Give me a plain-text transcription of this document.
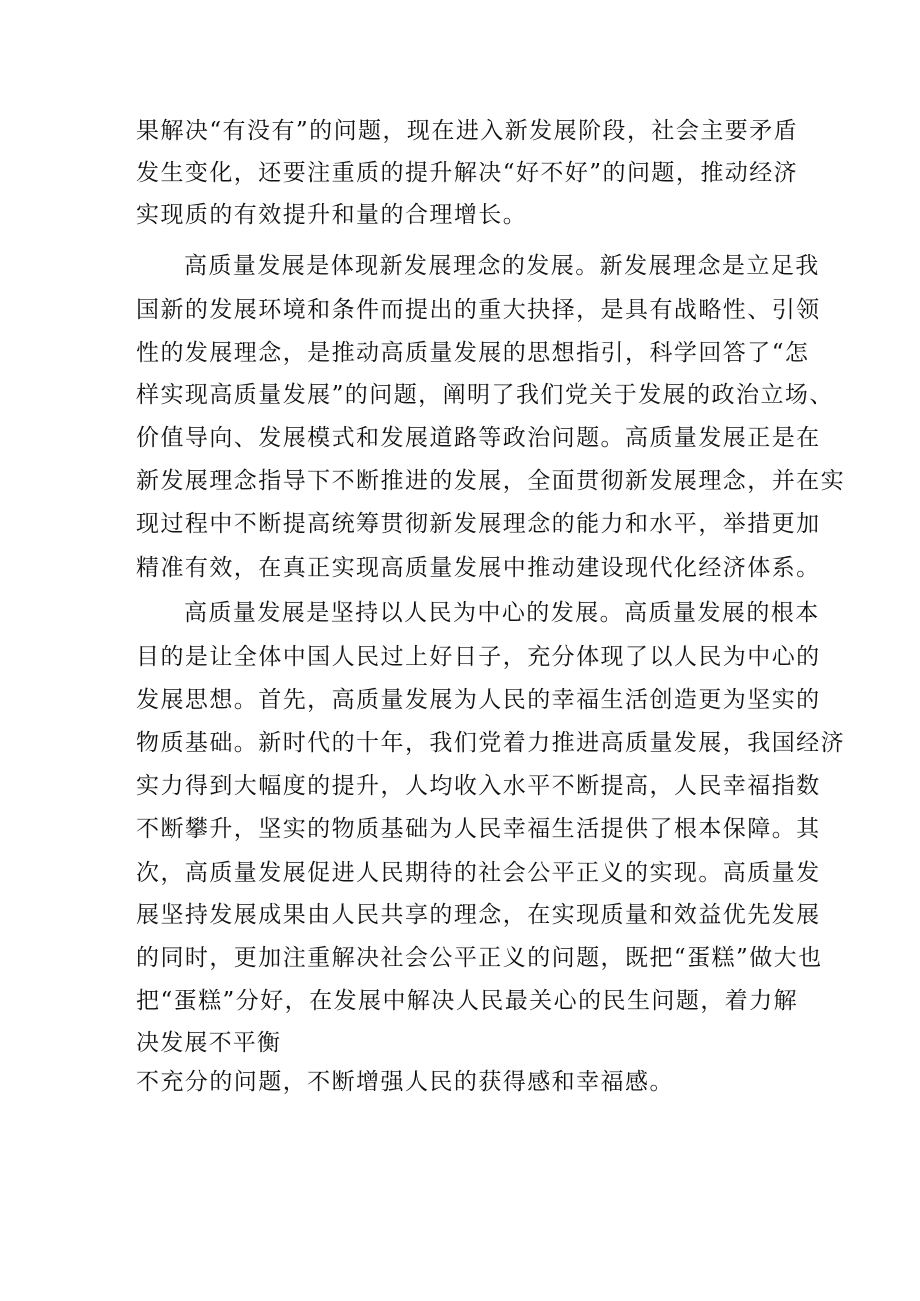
果解决“有没有”的问题，现在进入新发展阶段，社会主要矛盾
发生变化，还要注重质的提升解决“好不好”的问题，推动经济
实现质的有效提升和量的合理增长。
高质量发展是体现新发展理念的发展。新发展理念是立足我
国新的发展环境和条件而提出的重大抉择，是具有战略性、引领
性的发展理念，是推动高质量发展的思想指引，科学回答了“怎
样实现高质量发展”的问题，阐明了我们党关于发展的政治立场、
价值导向、发展模式和发展道路等政治问题。高质量发展正是在
新发展理念指导下不断推进的发展，全面贯彻新发展理念，并在实
现过程中不断提高统筹贯彻新发展理念的能力和水平，举措更加
精准有效，在真正实现高质量发展中推动建设现代化经济体系。
高质量发展是坚持以人民为中心的发展。高质量发展的根本
目的是让全体中国人民过上好日子，充分体现了以人民为中心的
发展思想。首先，高质量发展为人民的幸福生活创造更为坚实的
物质基础。新时代的十年，我们党着力推进高质量发展，我国经济
实力得到大幅度的提升，人均收入水平不断提高，人民幸福指数
不断攀升，坚实的物质基础为人民幸福生活提供了根本保障。其
次，高质量发展促进人民期待的社会公平正义的实现。高质量发
展坚持发展成果由人民共享的理念，在实现质量和效益优先发展
的同时，更加注重解决社会公平正义的问题，既把“蛋糕”做大也
把“蛋糕”分好，在发展中解决人民最关心的民生问题，着力解
决发展不平衡
不充分的问题，不断增强人民的获得感和幸福感。
